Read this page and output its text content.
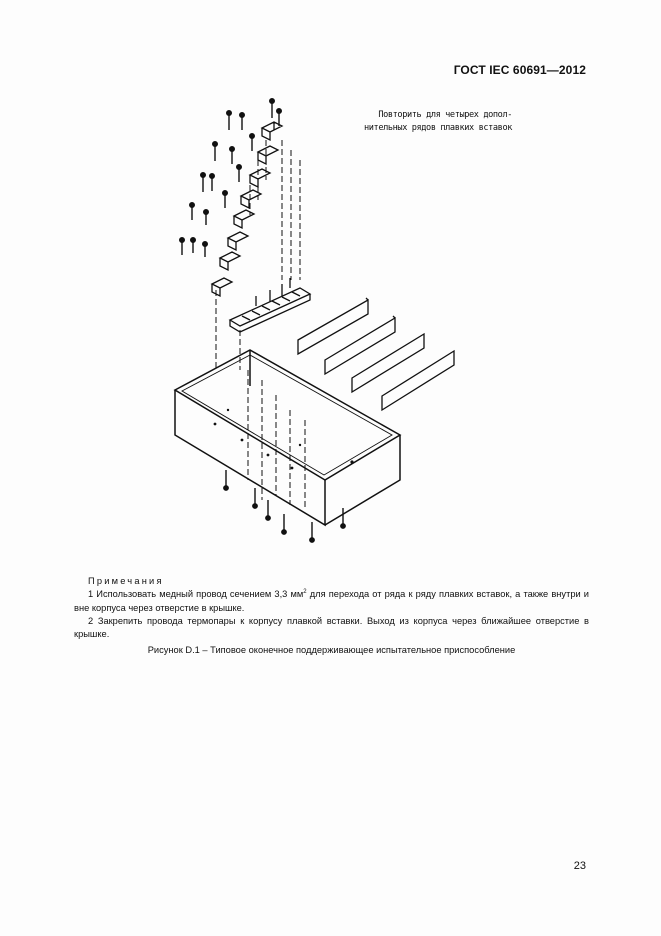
ГОСТ IEC 60691—2012
Повторить для четырех допол-
нительных рядов плавких вставок
Примечания

1 Использовать медный провод сечением 3,3 $мм^2$ для перехода от ряда к ряду плавких вставок, а также внутри и вне корпуса через отверстие в крышке.

2 Закрепить провода термопары к корпусу плавкой вставки. Выход из корпуса через ближайшее отверстие в крышке.

Рисунок D.1 – Типовое оконечное поддерживающее испытательное приспособление
23
